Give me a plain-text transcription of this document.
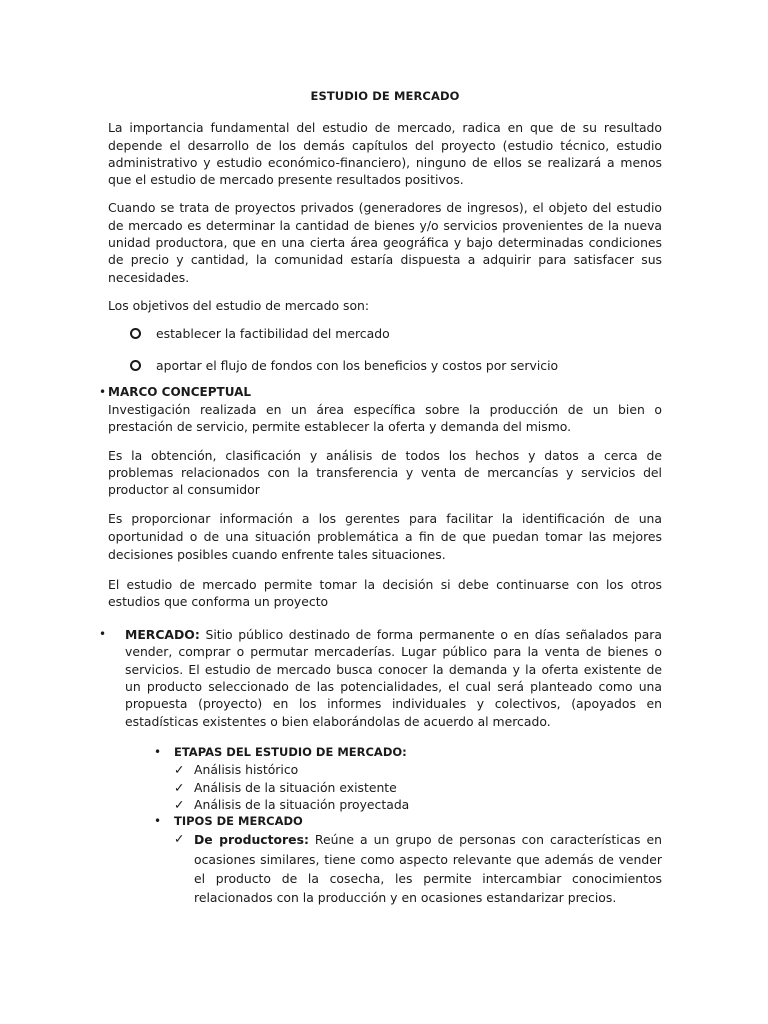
ESTUDIO DE MERCADO

La importancia fundamental del estudio de mercado, radica en que de su resultado depende el desarrollo de los demás capítulos del proyecto (estudio técnico, estudio administrativo y estudio económico-financiero), ninguno de ellos se realizará a menos que el estudio de mercado presente resultados positivos.

Cuando se trata de proyectos privados (generadores de ingresos), el objeto del estudio de mercado es determinar la cantidad de bienes y/o servicios provenientes de la nueva unidad productora, que en una cierta área geográfica y bajo determinadas condiciones de precio y cantidad, la comunidad estaría dispuesta a adquirir para satisfacer sus necesidades.

Los objetivos del estudio de mercado son:

establecer la factibilidad del mercado
aportar el flujo de fondos con los beneficios y costos por servicio
• MARCO CONCEPTUAL

Investigación realizada en un área específica sobre la producción de un bien o prestación de servicio, permite establecer la oferta y demanda del mismo.

Es la obtención, clasificación y análisis de todos los hechos y datos a cerca de problemas relacionados con la transferencia y venta de mercancías y servicios del productor al consumidor

Es proporcionar información a los gerentes para facilitar la identificación de una oportunidad o de una situación problemática a fin de que puedan tomar las mejores decisiones posibles cuando enfrente tales situaciones.

El estudio de mercado permite tomar la decisión si debe continuarse con los otros estudios que conforma un proyecto

•	MERCADO: Sitio público destinado de forma permanente o en días señalados para vender, comprar o permutar mercaderías. Lugar público para la venta de bienes o servicios. El estudio de mercado busca conocer la demanda y la oferta existente de un producto seleccionado de las potencialidades, el cual será planteado como una propuesta (proyecto) en los informes individuales y colectivos, (apoyados en estadísticas existentes o bien elaborándolas de acuerdo al mercado.

• ETAPAS DEL ESTUDIO DE MERCADO:
✓ Análisis histórico
✓ Análisis de la situación existente
✓ Análisis de la situación proyectada
• TIPOS DE MERCADO
✓ De productores: Reúne a un grupo de personas con características en ocasiones similares, tiene como aspecto relevante que además de vender el producto de la cosecha, les permite intercambiar conocimientos relacionados con la producción y en ocasiones estandarizar precios.
